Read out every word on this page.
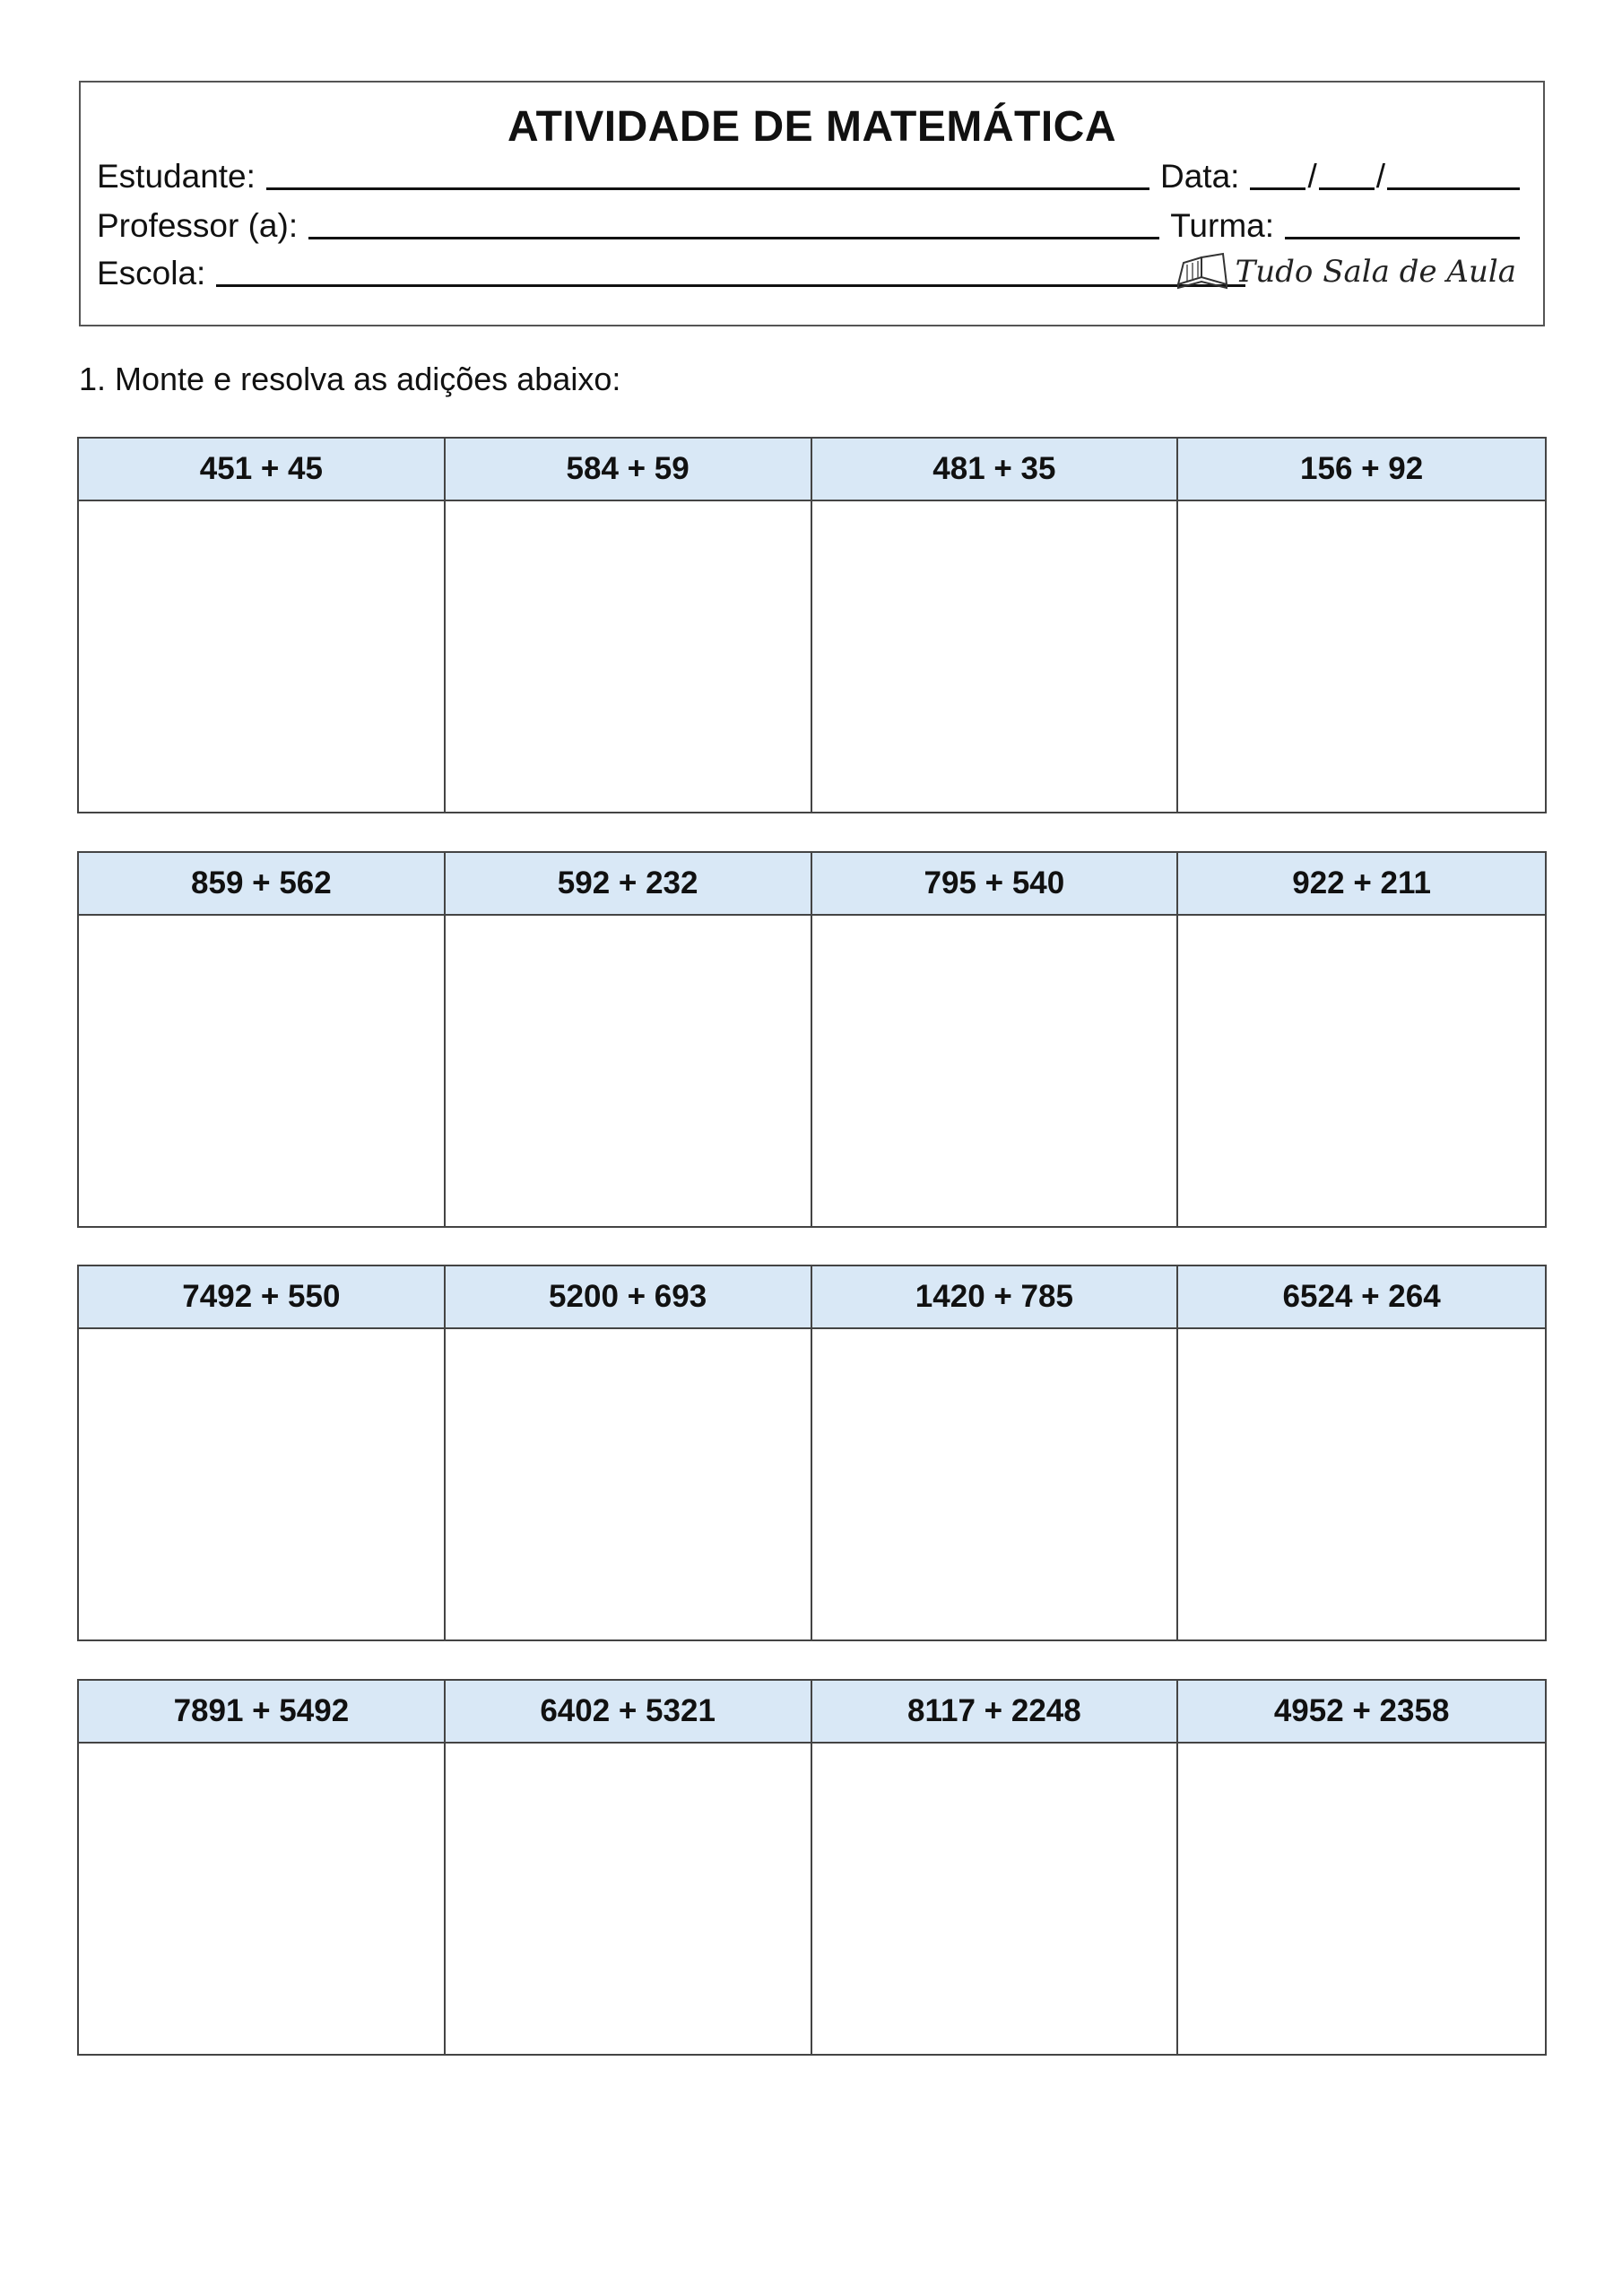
ATIVIDADE DE MATEMÁTICA
Estudante:	Data: / /
Professor (a):	Turma:
Escola:	Tudo Sala de Aula
1. Monte e resolva as adições abaixo:
451 + 45	584 + 59	481 + 35	156 + 92
859 + 562	592 + 232	795 + 540	922 + 211
7492 + 550	5200 + 693	1420 + 785	6524 + 264
7891 + 5492	6402 + 5321	8117 + 2248	4952 + 2358
